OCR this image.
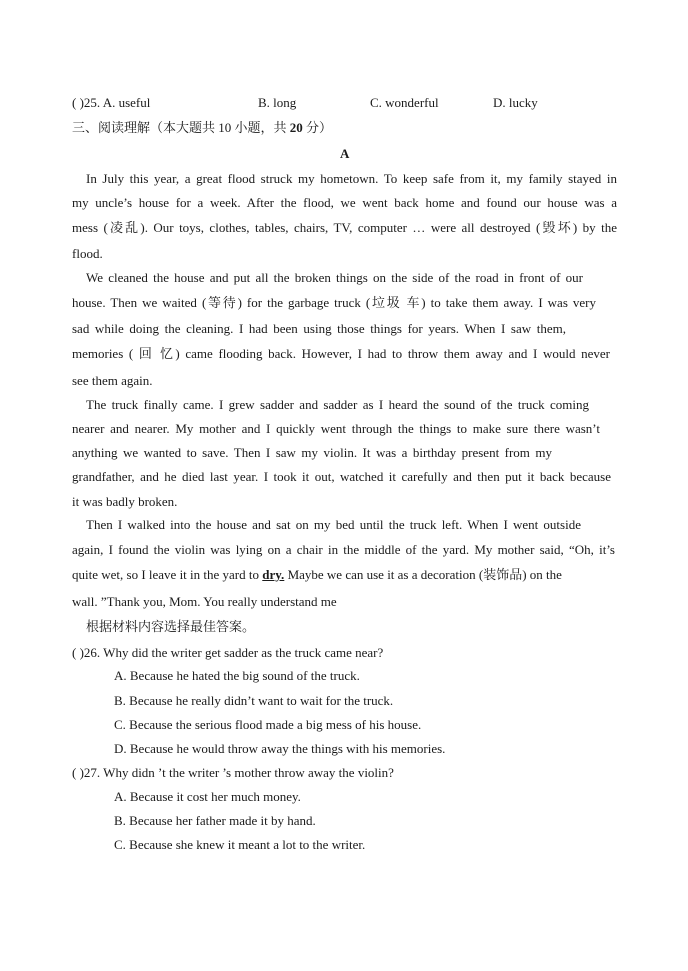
( )25. A. useful	B. long	C. wonderful	D. lucky
三、阅读理解（本大题共 10 小题，共 20 分）
A
In July this year, a great flood struck my hometown. To keep safe from it, my family stayed in
my uncle’s house for a week. After the flood, we went back home and found our house was a
mess (凌乱). Our toys, clothes, tables, chairs, TV, computer … were all destroyed (毁坏) by the
flood.
We cleaned the house and put all the broken things on the side of the road in front of our
house. Then we waited (等待) for the garbage truck (垃圾 车) to take them away. I was very
sad while doing the cleaning. I had been using those things for years. When I saw them,
memories ( 回 忆) came flooding back. However, I had to throw them away and I would never
see them again.
The truck finally came. I grew sadder and sadder as I heard the sound of the truck coming
nearer and nearer. My mother and I quickly went through the things to make sure there wasn’t
anything we wanted to save. Then I saw my violin. It was a birthday present from my
grandfather, and he died last year. I took it out, watched it carefully and then put it back because
it was badly broken.
Then I walked into the house and sat on my bed until the truck left. When I went outside
again, I found the violin was lying on a chair in the middle of the yard. My mother said, “Oh, it’s
quite wet, so I leave it in the yard to dry. Maybe we can use it as a decoration (装饰品) on the
wall. ”Thank you, Mom. You really understand me
根据材料内容选择最佳答案。
( )26. Why did the writer get sadder as the truck came near?
A. Because he hated the big sound of the truck.
B. Because he really didn’t want to wait for the truck.
C. Because the serious flood made a big mess of his house.
D. Because he would throw away the things with his memories.
( )27. Why didn ’t the writer ’s mother throw away the violin?
A. Because it cost her much money.
B. Because her father made it by hand.
C. Because she knew it meant a lot to the writer.
